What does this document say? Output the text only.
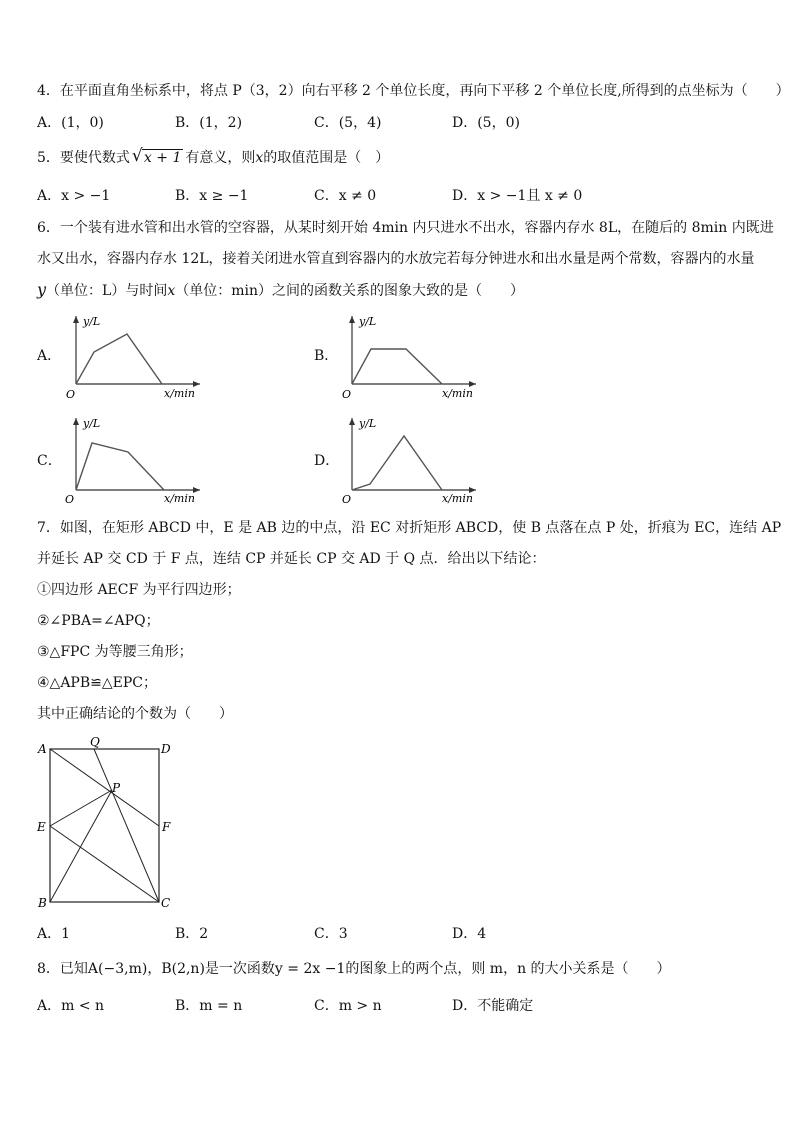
4．在平面直角坐标系中，将点 P（3，2）向右平移 2 个单位长度，再向下平移 2 个单位长度,所得到的点坐标为（　　）
A．(1，0)	B．(1，2)	C．(5，4)	D．(5，0)
5．要使代数式 √ x + 1 有意义，则x的取值范围是（　）
A．x > −1	B．x ≥ −1	C．x ≠ 0	D．x > −1且 x ≠ 0
6．一个装有进水管和出水管的空容器，从某时刻开始 4min 内只进水不出水，容器内存水 8L，在随后的 8min 内既进
水又出水，容器内存水 12L，接着关闭进水管直到容器内的水放完若每分钟进水和出水量是两个常数，容器内的水量
y（单位：L）与时间x（单位：min）之间的函数关系的图象大致的是（　　）
A．
y/L
x/min
O
B．
y/L
x/min
O
C．
y/L
x/min
O
D．
y/L
x/min
O
7．如图，在矩形 ABCD 中，E 是 AB 边的中点，沿 EC 对折矩形 ABCD，使 B 点落在点 P 处，折痕为 EC，连结 AP
并延长 AP 交 CD 于 F 点，连结 CP 并延长 CP 交 AD 于 Q 点．给出以下结论：
①四边形 AECF 为平行四边形；
②∠PBA=∠APQ；
③△FPC 为等腰三角形；
④△APB≌△EPC；
其中正确结论的个数为（　　）
A	Q	D
P
E	F
B	C
A．1	B．2	C．3	D．4
8．已知A(−3,m)，B(2,n)是一次函数y = 2x −1的图象上的两个点，则 m，n 的大小关系是（　　）
A．m < n	B．m = n	C．m > n	D．不能确定
